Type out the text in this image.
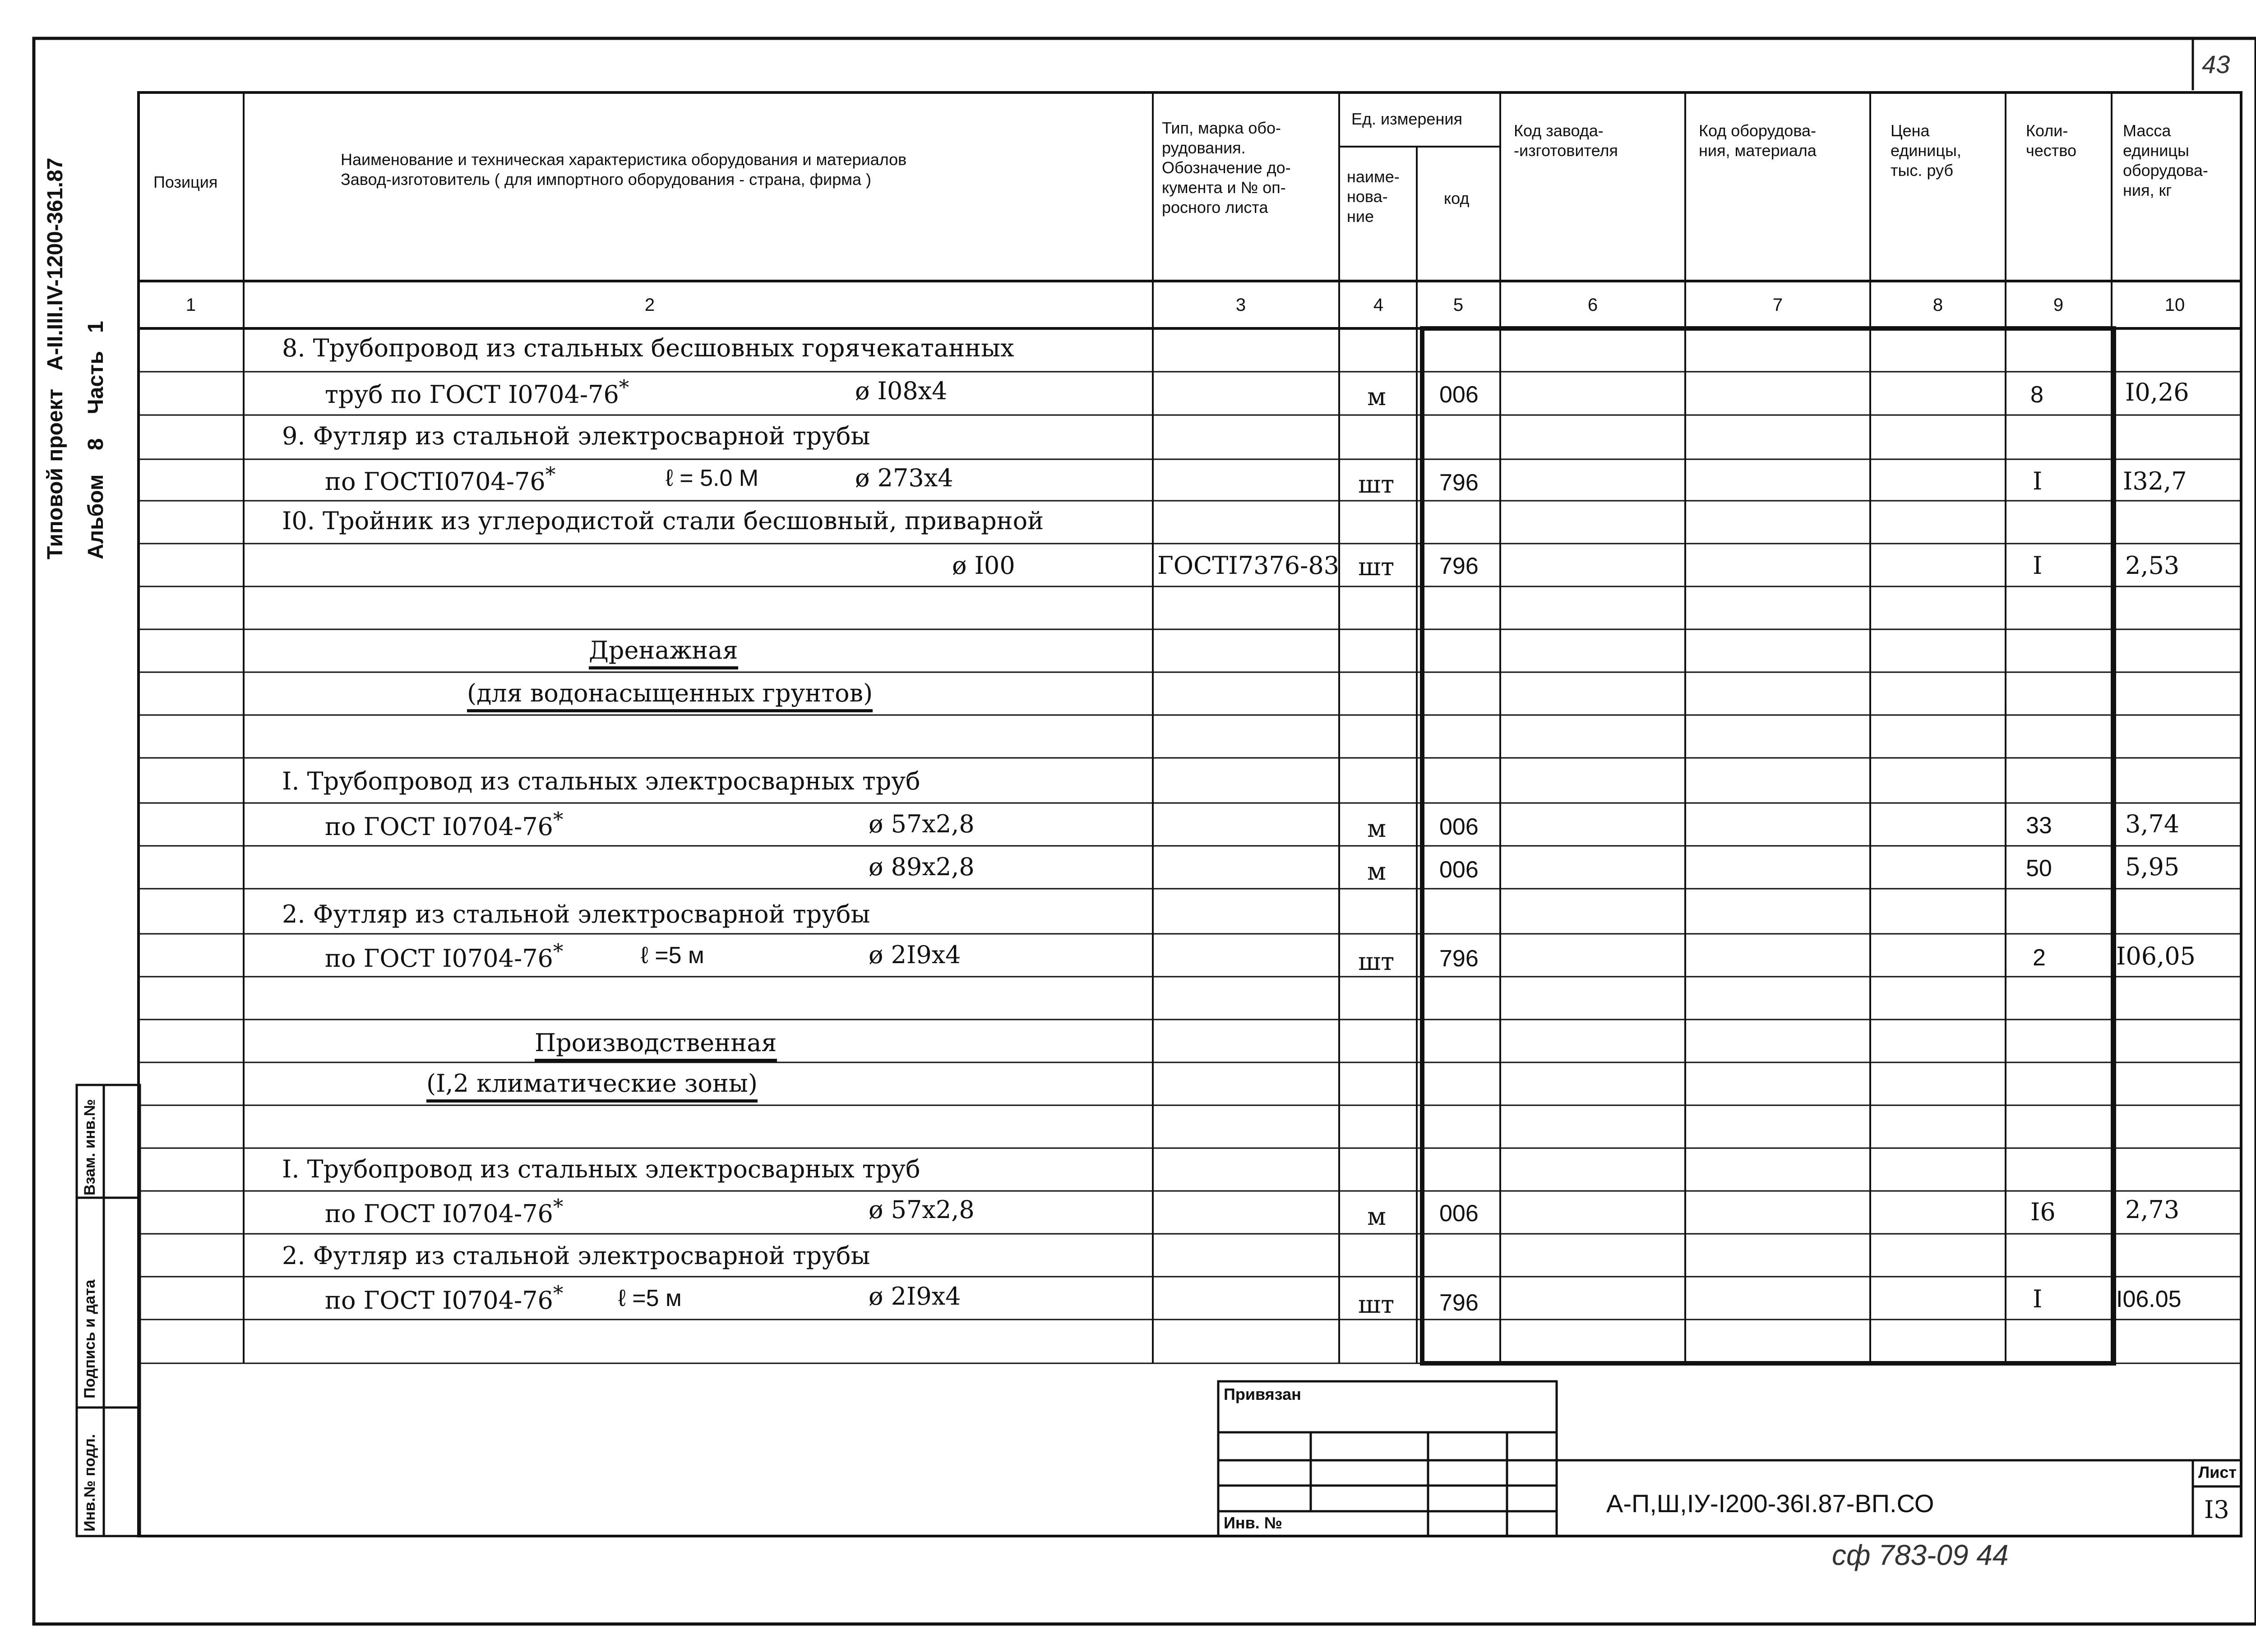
43
Типовой проект   А-II.III.IV-1200-361.87
Альбом    8    Часть   1
Взам. инв.№
Подпись и дата
Инв.№ подл.
Позиция
Наименование и техническая характеристика оборудования и материалов
Завод-изготовитель ( для импортного оборудования - страна, фирма )
Тип, марка обо-
рудования.
Обозначение до-
кумента и № оп-
росного листа
Ед. измерения
наиме-
нова-
ние
код
Код завода-
-изготовителя
Код оборудова-
ния, материала
Цена
единицы,
тыс. руб
Коли-
чество
Масса
единицы
оборудова-
ния, кг
1	2	3	4	5	6	7	8	9	10
8. Трубопровод из стальных бесшовных горячекатанных
труб по ГОСТ I0704-76*	ø I08x4	м 006	8	I0,26
9. Футляр из стальной электросварной трубы
по ГОСТI0704-76*	ℓ = 5.0 М	ø 273x4	шт 796	I	I32,7
I0. Тройник из углеродистой стали бесшовный, приварной
ø I00	ГОСТI7376-83 шт 796	I	2,53
Дренажная
(для водонасыщенных грунтов)
I. Трубопровод из стальных электросварных труб
по ГОСТ I0704-76*	ø 57x2,8	м 006	33	3,74
ø 89x2,8	м 006	50	5,95
2. Футляр из стальной электросварной трубы
по ГОСТ I0704-76*	ℓ =5 м	ø 2I9x4	шт 796	2	I06,05
Производственная
(I,2 климатические зоны)
I. Трубопровод из стальных электросварных труб
по ГОСТ I0704-76*	ø 57x2,8	м 006	I6	2,73
2. Футляр из стальной электросварной трубы
по ГОСТ I0704-76* ℓ =5 м	ø 2I9x4	шт 796	I	I06.05
Привязан
Инв. №
А-П,Ш,IУ-I200-36I.87-ВП.СО
Лист
I3
сф 783-09 44
